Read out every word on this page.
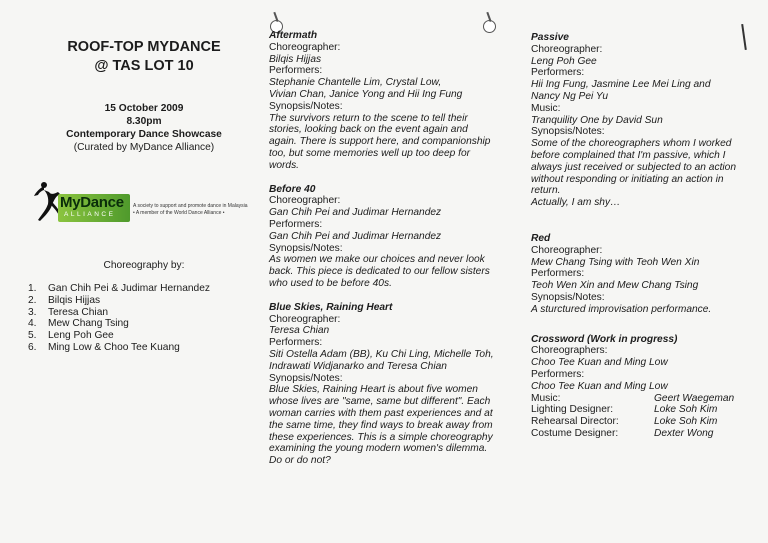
ROOF-TOP MYDANCE
@ TAS LOT 10
15 October 2009
8.30pm
Contemporary Dance Showcase
(Curated by MyDance Alliance)
MyDance
ALLIANCE
A society to support and promote dance in Malaysia
• A member of the World Dance Alliance •
Choreography by:
1.	Gan Chih Pei & Judimar Hernandez
2.	Bilqis Hijjas
3.	Teresa Chian
4.	Mew Chang Tsing
5.	Leng Poh Gee
6.	Ming Low & Choo Tee Kuang
Aftermath
Choreographer:
Bilqis Hijjas
Performers:
Stephanie Chantelle Lim, Crystal Low,
Vivian Chan, Janice Yong and Hii Ing Fung
Synopsis/Notes:
The survivors return to the scene to tell their
stories, looking back on the event again and
again. There is support here, and companionship
too, but some memories well up too deep for
words.
Before 40
Choreographer:
Gan Chih Pei and Judimar Hernandez
Performers:
Gan Chih Pei and Judimar Hernandez
Synopsis/Notes:
As women we make our choices and never look
back. This piece is dedicated to our fellow sisters
who used to be before 40s.
Blue Skies, Raining Heart
Choreographer:
Teresa Chian
Performers:
Siti Ostella Adam (BB), Ku Chi Ling, Michelle Toh,
Indrawati Widjanarko and Teresa Chian
Synopsis/Notes:
Blue Skies, Raining Heart is about five women
whose lives are "same, same but different". Each
woman carries with them past experiences and at
the same time, they find ways to break away from
these experiences. This is a simple choreography
examining the young modern women's dilemma.
Do or do not?
Passive
Choreographer:
Leng Poh Gee
Performers:
Hii Ing Fung, Jasmine Lee Mei Ling and
Nancy Ng Pei Yu
Music:
Tranquility One by David Sun
Synopsis/Notes:
Some of the choreographers whom I worked
before complained that I'm passive, which I
always just received or subjected to an action
without responding or initiating an action in return.
Actually, I am shy…
Red
Choreographer:
Mew Chang Tsing with Teoh Wen Xin
Performers:
Teoh Wen Xin and Mew Chang Tsing
Synopsis/Notes:
A sturctured improvisation performance.
Crossword (Work in progress)
Choreographers:
Choo Tee Kuan and Ming Low
Performers:
Choo Tee Kuan and Ming Low
Music:	Geert Waegeman
Lighting Designer:	Loke Soh Kim
Rehearsal Director:	Loke Soh Kim
Costume Designer:	Dexter Wong
